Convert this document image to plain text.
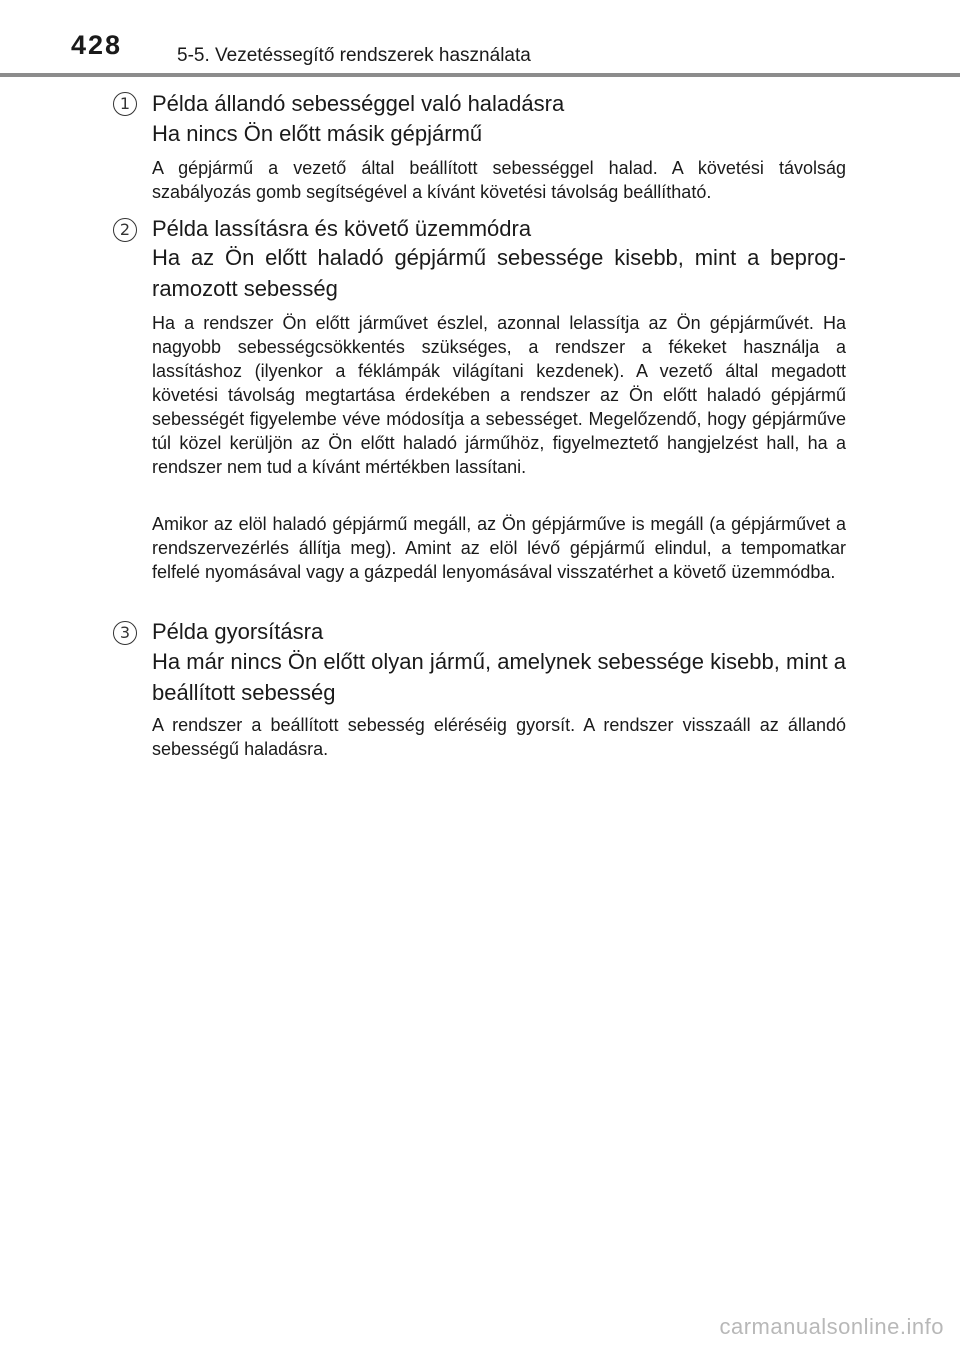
428	5-5. Vezetéssegítő rendszerek használata
1 Példa állandó sebességgel való haladásra
Ha nincs Ön előtt másik gépjármű
A gépjármű a vezető által beállított sebességgel halad. A követési távolság szabályozás gomb segítségével a kívánt követési távolság beállítható.
2 Példa lassításra és követő üzemmódra
Ha az Ön előtt haladó gépjármű sebessége kisebb, mint a beprogramozott sebesség
Ha a rendszer Ön előtt járművet észlel, azonnal lelassítja az Ön gépjárművét. Ha nagyobb sebességcsökkentés szükséges, a rendszer a fékeket használja a lassításhoz (ilyenkor a féklámpák világítani kezdenek). A vezető által megadott követési távolság megtartása érdekében a rendszer az Ön előtt haladó gépjármű sebességét figyelembe véve módosítja a sebességet. Megelőzendő, hogy gépjárműve túl közel kerüljön az Ön előtt haladó járműhöz, figyelmeztető hangjelzést hall, ha a rendszer nem tud a kívánt mértékben lassítani.
Amikor az elöl haladó gépjármű megáll, az Ön gépjárműve is megáll (a gépjárművet a rendszervezérlés állítja meg). Amint az elöl lévő gépjármű elindul, a tempomatkar felfelé nyomásával vagy a gázpedál lenyomásával visszatérhet a követő üzemmódba.
3 Példa gyorsításra
Ha már nincs Ön előtt olyan jármű, amelynek sebessége kisebb, mint a beállított sebesség
A rendszer a beállított sebesség eléréséig gyorsít. A rendszer visszaáll az állandó sebességű haladásra.
carmanualsonline.info
